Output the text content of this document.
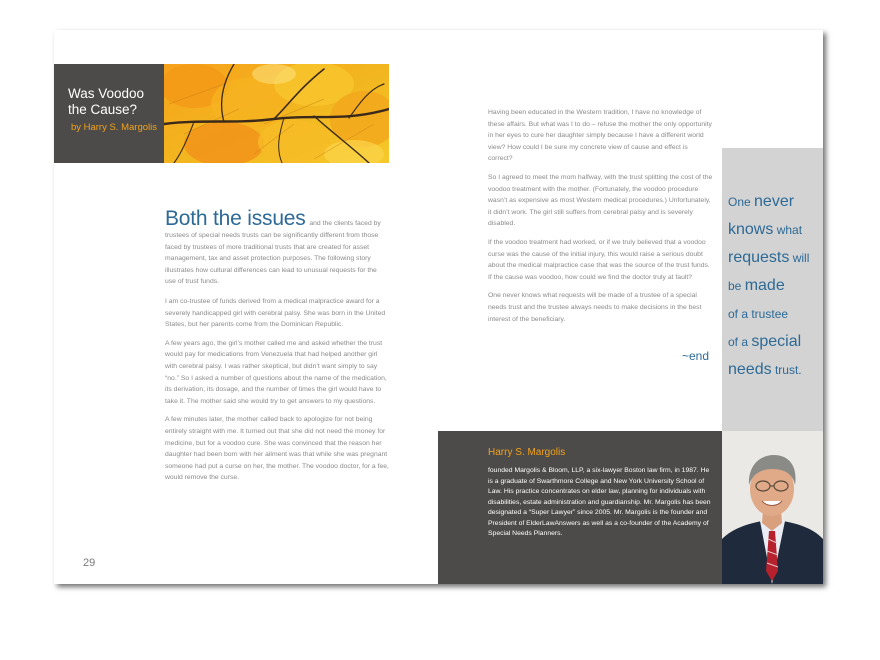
Was Voodoo the Cause?
by Harry S. Margolis

Both the issues and the clients faced by trustees of special needs trusts can be significantly different from those faced by trustees of more traditional trusts that are created for asset management, tax and asset protection purposes. The following story illustrates how cultural differences can lead to unusual requests for the use of trust funds.

I am co-trustee of funds derived from a medical malpractice award for a severely handicapped girl with cerebral palsy. She was born in the United States, but her parents come from the Dominican Republic.

A few years ago, the girl’s mother called me and asked whether the trust would pay for medications from Venezuela that had helped another girl with cerebral palsy. I was rather skeptical, but didn’t want simply to say “no.” So I asked a number of questions about the name of the medication, its derivation, its dosage, and the number of times the girl would have to take it. The mother said she would try to get answers to my questions.

A few minutes later, the mother called back to apologize for not being entirely straight with me. It turned out that she did not need the money for medicine, but for a voodoo cure. She was convinced that the reason her daughter had been born with her ailment was that while she was pregnant someone had put a curse on her, the mother. The voodoo doctor, for a fee, would remove the curse.

Having been educated in the Western tradition, I have no knowledge of these affairs. But what was I to do – refuse the mother the only opportunity in her eyes to cure her daughter simply because I have a different world view? How could I be sure my concrete view of cause and effect is correct?

So I agreed to meet the mom halfway, with the trust splitting the cost of the voodoo treatment with the mother. (Fortunately, the voodoo procedure wasn’t as expensive as most Western medical procedures.) Unfortunately, it didn’t work. The girl still suffers from cerebral palsy and is severely disabled.

If the voodoo treatment had worked, or if we truly believed that a voodoo curse was the cause of the initial injury, this would raise a serious doubt about the medical malpractice case that was the source of the trust funds. If the cause was voodoo, how could we find the doctor truly at fault?

One never knows what requests will be made of a trustee of a special needs trust and the trustee always needs to make decisions in the best interest of the beneficiary.

~end
One never
knows what
requests will
be made
of a trustee
of a special
needs trust.
Harry S. Margolis
founded Margolis & Bloom, LLP, a six-lawyer Boston law firm, in 1987. He is a graduate of Swarthmore College and New York University School of Law. His practice concentrates on elder law, planning for individuals with disabilities, estate administration and guardianship. Mr. Margolis has been designated a “Super Lawyer” since 2005. Mr. Margolis is the founder and President of ElderLawAnswers as well as a co-founder of the Academy of Special Needs Planners.
29
